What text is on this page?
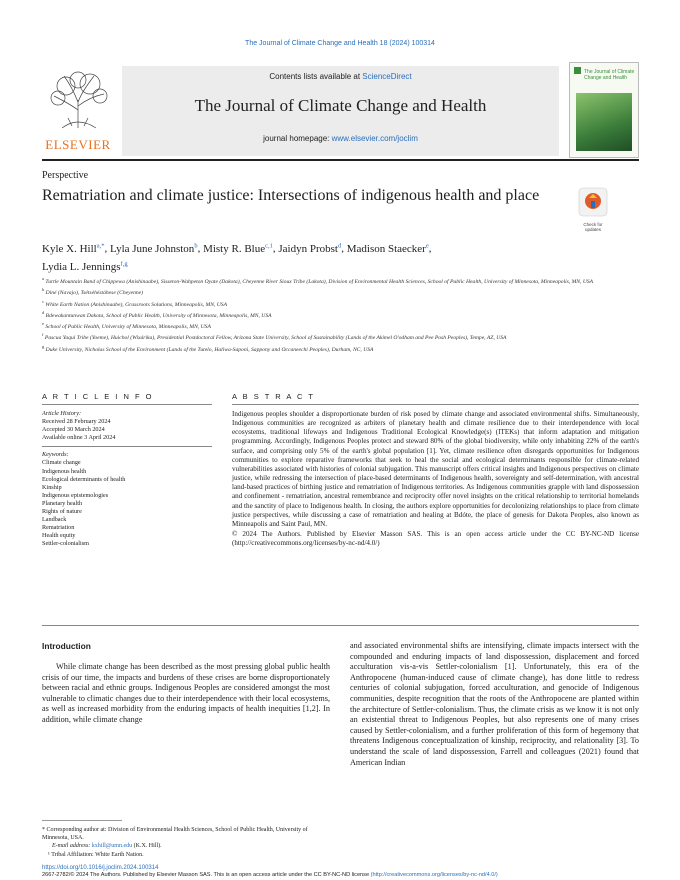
The Journal of Climate Change and Health 18 (2024) 100314
ELSEVIER
Contents lists available at ScienceDirect
The Journal of Climate Change and Health
journal homepage: www.elsevier.com/joclim
The Journal of Climate Change and Health
Perspective
Rematriation and climate justice: Intersections of indigenous health and place
Check for updates
Kyle X. Hill$^{a,*}$, Lyla June Johnston$^b$, Misty R. Blue$^{c,1}$, Jaidyn Probst$^d$, Madison Staecker$^e$,
Lydia L. Jennings$^{f,g}$
$^a$ Turtle Mountain Band of Chippewa (Anishinaabe), Sisseton-Wahpeton Oyate (Dakota), Cheyenne River Sioux Tribe (Lakota), Division of Environmental Health Sciences, School of Public Health, University of Minnesota, Minneapolis, MN, USA
$^b$ Diné (Navajo), Tsétsėhéstȧhese (Cheyenne)
$^c$ White Earth Nation (Anishinaabe), Grassroots Solutions, Minneapolis, MN, USA
$^d$ Bdewakantunwan Dakota, School of Public Health, University of Minnesota, Minneapolis, MN, USA
$^e$ School of Public Health, University of Minnesota, Minneapolis, MN, USA
$^f$ Pascua Yaqui Tribe (Yoeme), Huichol (Wixárika), Presidential Postdoctoral Fellow, Arizona State University, School of Sustainability (Lands of the Akimel O'odham and Pee Posh Peoples), Tempe, AZ, USA
$^g$ Duke University, Nicholas School of the Environment (Lands of the Tutelo, Haliwa-Saponi, Sappony and Occaneechi Peoples), Durham, NC, USA
A R T I C L E I N F O	A B S T R A C T
Article History:
Received 28 February 2024
Accepted 30 March 2024
Available online 3 April 2024
Keywords:
Climate change
Indigenous health
Ecological determinants of health
Kinship
Indigenous epistemologies
Planetary health
Rights of nature
Landback
Rematriation
Health equity
Settler-colonialism
Indigenous peoples shoulder a disproportionate burden of risk posed by climate change and associated environmental shifts. Simultaneously, Indigenous communities are recognized as arbiters of planetary health and climate resilience due to their interdependence with local ecosystems, traditional lifeways and Indigenous Traditional Ecological Knowledge(s) (ITEKs) that inform adaptation and mitigation programming. Accordingly, Indigenous Peoples protect and steward 80% of the global biodiversity, while only inhabiting 22% of the earth's surface, and comprising only 5% of the earth's global population [1]. Yet, climate resilience often disregards opportunities for Indigenous communities to explore reparative frameworks that seek to heal the social and ecological determinants responsible for climate-related vulnerabilities associated with histories of colonial subjugation. This manuscript offers critical insights and Indigenous perspectives on climate justice, while redressing the intersection of place-based determinants of Indigenous health, sovereignty and self-determination, with ancestral land-based practices of birthing justice and rematriation of Indigenous territories. As Indigenous communities grapple with land dispossession and confinement - rematriation, ancestral remembrance and reciprocity offer novel insights on the critical relationship to territorial homelands and the sanctity of place to Indigenous health. In closing, the authors explore opportunities for decolonizing relationships to place from climate justice perspectives, while discussing a case of rematriation and healing at Bdóte, the place of genesis for Dakota Peoples, also known as Minneapolis and Saint Paul, MN.
© 2024 The Authors. Published by Elsevier Masson SAS. This is an open access article under the CC BY-NC-ND license (http://creativecommons.org/licenses/by-nc-nd/4.0/)
Introduction
While climate change has been described as the most pressing global public health crisis of our time, the impacts and burdens of these crises are borne disproportionately between racial and ethnic groups. Indigenous Peoples are considered amongst the most vulnerable to climatic changes due to their interdependence with their local ecosystems, as well as increased morbidity from the enduring impacts of health inequities [1,2]. In addition, while climate change
and associated environmental shifts are intensifying, climate impacts intersect with the compounded and enduring impacts of land dispossession, displacement and forced acculturation vis-a-vis Settler-colonialism [1]. Unfortunately, this era of the Anthropocene (human-induced cause of climate change), has done little to redress centuries of colonial subjugation, forced acculturation, and genocide of Indigenous communities, despite recognition that the roots of the Anthropocene are planted within the architecture of Settler-colonialism. Thus, the climate crisis as we know it is not only an existential threat to Indigenous Peoples, but also represents one of many crises caused by Settler-colonialism, and a further proliferation of this form of hegemony that threatens Indigenous conceptualization of kinship, reciprocity, and relationality [3]. To understand the scale of land dispossession, Farrell and colleagues (2021) found that American Indian
* Corresponding author at: Division of Environmental Health Sciences, School of Public Health, University of Minnesota, USA.
E-mail address: kxhill@umn.edu (K.X. Hill).
¹ Tribal Affiliation: White Earth Nation.
https://doi.org/10.1016/j.joclim.2024.100314
2667-2782/© 2024 The Authors. Published by Elsevier Masson SAS. This is an open access article under the CC BY-NC-ND license (http://creativecommons.org/licenses/by-nc-nd/4.0/)
